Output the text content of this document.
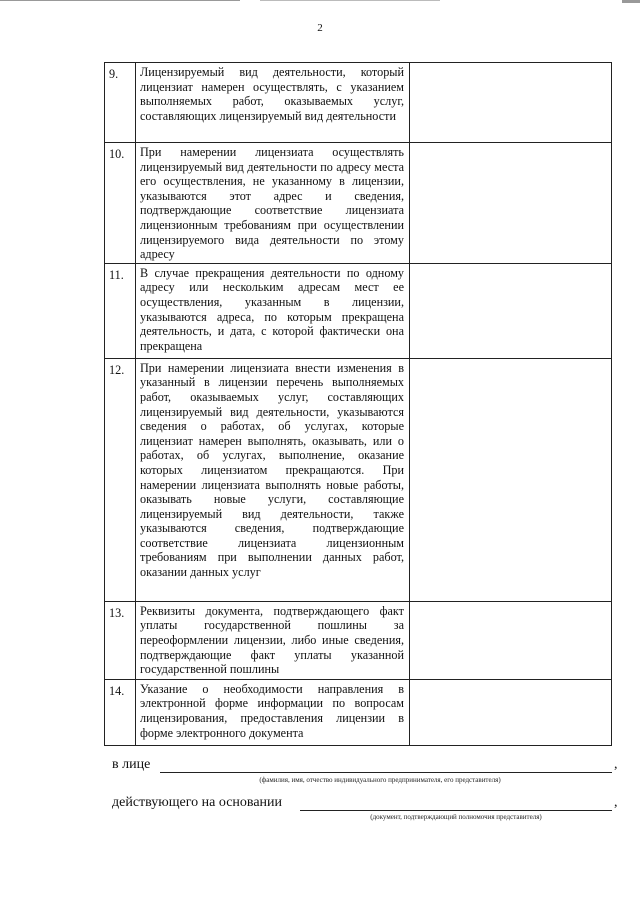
2
9.	Лицензируемый вид деятельности, который лицензиат намерен осуществлять, с указанием выполняемых работ, оказываемых услуг, составляющих лицензируемый вид деятельности	
10.	При намерении лицензиата осуществлять лицензируемый вид деятельности по адресу места его осуществления, не указанному в лицензии, указываются этот адрес и сведения, подтверждающие соответствие лицензиата лицензионным требованиям при осуществлении лицензируемого вида деятельности по этому адресу	
11.	В случае прекращения деятельности по одному адресу или нескольким адресам мест ее осуществления, указанным в лицензии, указываются адреса, по которым прекращена деятельность, и дата, с которой фактически она прекращена	
12.	При намерении лицензиата внести изменения в указанный в лицензии перечень выполняемых работ, оказываемых услуг, составляющих лицензируемый вид деятельности, указываются сведения о работах, об услугах, которые лицензиат намерен выполнять, оказывать, или о работах, об услугах, выполнение, оказание которых лицензиатом прекращаются. При намерении лицензиата выполнять новые работы, оказывать новые услуги, составляющие лицензируемый вид деятельности, также указываются сведения, подтверждающие соответствие лицензиата лицензионным требованиям при выполнении данных работ, оказании данных услуг	
13.	Реквизиты документа, подтверждающего факт уплаты государственной пошлины за переоформлении лицензии, либо иные сведения, подтверждающие факт уплаты указанной государственной пошлины	
14.	Указание о необходимости направления в электронной форме информации по вопросам лицензирования, предоставления лицензии в форме электронного документа	
в лице	,
(фамилия, имя, отчество индивидуального предпринимателя, его представителя)
действующего на основании	,
(документ, подтверждающий полномочия представителя)
